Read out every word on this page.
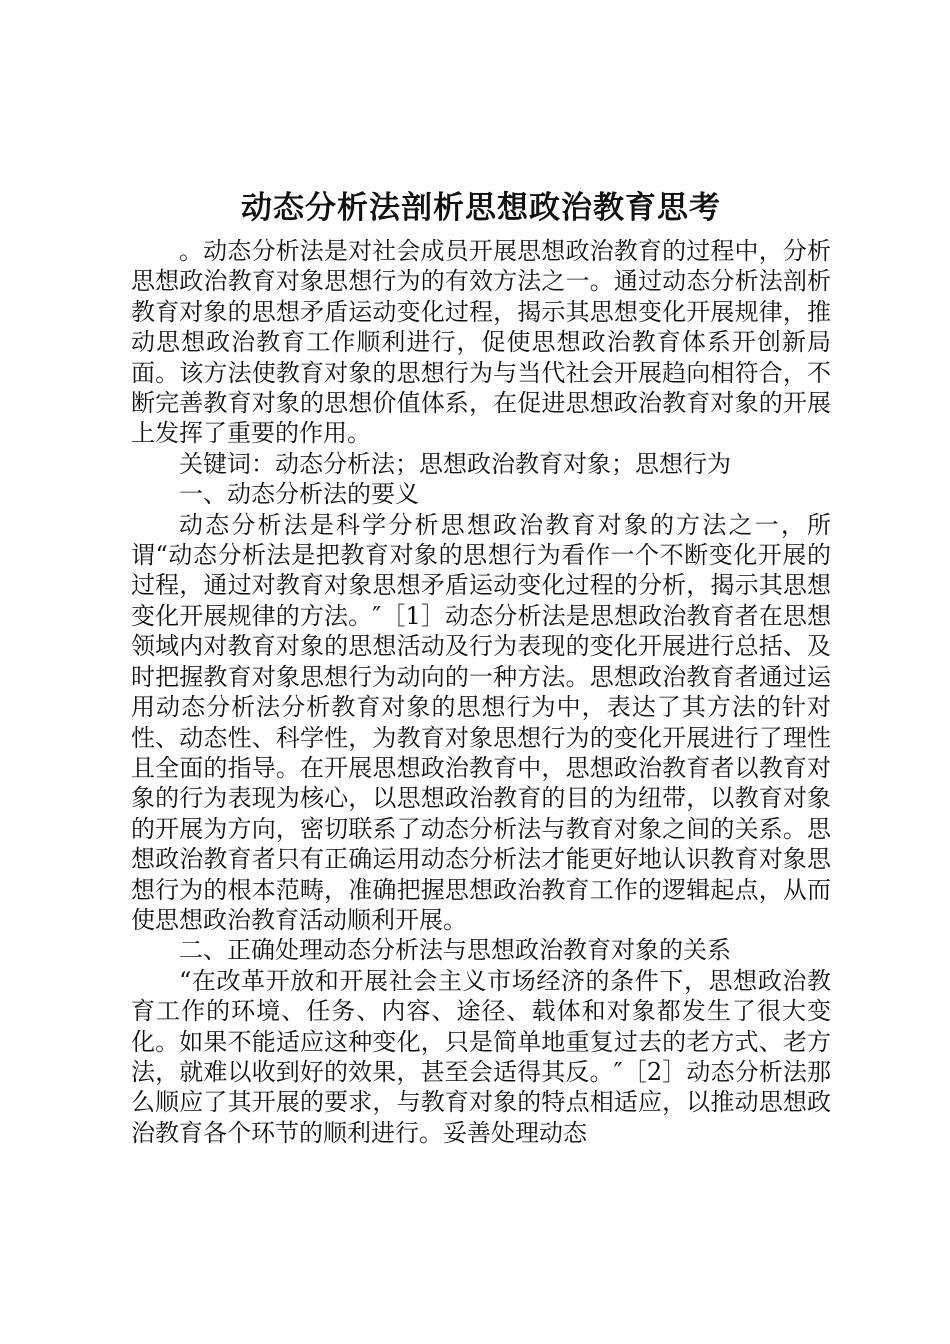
动态分析法剖析思想政治教育思考

。动态分析法是对社会成员开展思想政治教育的过程中，分析思想政治教育对象思想行为的有效方法之一。通过动态分析法剖析教育对象的思想矛盾运动变化过程，揭示其思想变化开展规律，推动思想政治教育工作顺利进行，促使思想政治教育体系开创新局面。该方法使教育对象的思想行为与当代社会开展趋向相符合，不断完善教育对象的思想价值体系，在促进思想政治教育对象的开展上发挥了重要的作用。

关键词：动态分析法；思想政治教育对象；思想行为

一、动态分析法的要义

动态分析法是科学分析思想政治教育对象的方法之一，所谓“动态分析法是把教育对象的思想行为看作一个不断变化开展的过程，通过对教育对象思想矛盾运动变化过程的分析，揭示其思想变化开展规律的方法。″［1］动态分析法是思想政治教育者在思想领域内对教育对象的思想活动及行为表现的变化开展进行总括、及时把握教育对象思想行为动向的一种方法。思想政治教育者通过运用动态分析法分析教育对象的思想行为中，表达了其方法的针对性、动态性、科学性，为教育对象思想行为的变化开展进行了理性且全面的指导。在开展思想政治教育中，思想政治教育者以教育对象的行为表现为核心，以思想政治教育的目的为纽带，以教育对象的开展为方向，密切联系了动态分析法与教育对象之间的关系。思想政治教育者只有正确运用动态分析法才能更好地认识教育对象思想行为的根本范畴，准确把握思想政治教育工作的逻辑起点，从而使思想政治教育活动顺利开展。

二、正确处理动态分析法与思想政治教育对象的关系

“在改革开放和开展社会主义市场经济的条件下，思想政治教育工作的环境、任务、内容、途径、载体和对象都发生了很大变化。如果不能适应这种变化，只是简单地重复过去的老方式、老方法，就难以收到好的效果，甚至会适得其反。″［2］动态分析法那么顺应了其开展的要求，与教育对象的特点相适应，以推动思想政治教育各个环节的顺利进行。妥善处理动态
